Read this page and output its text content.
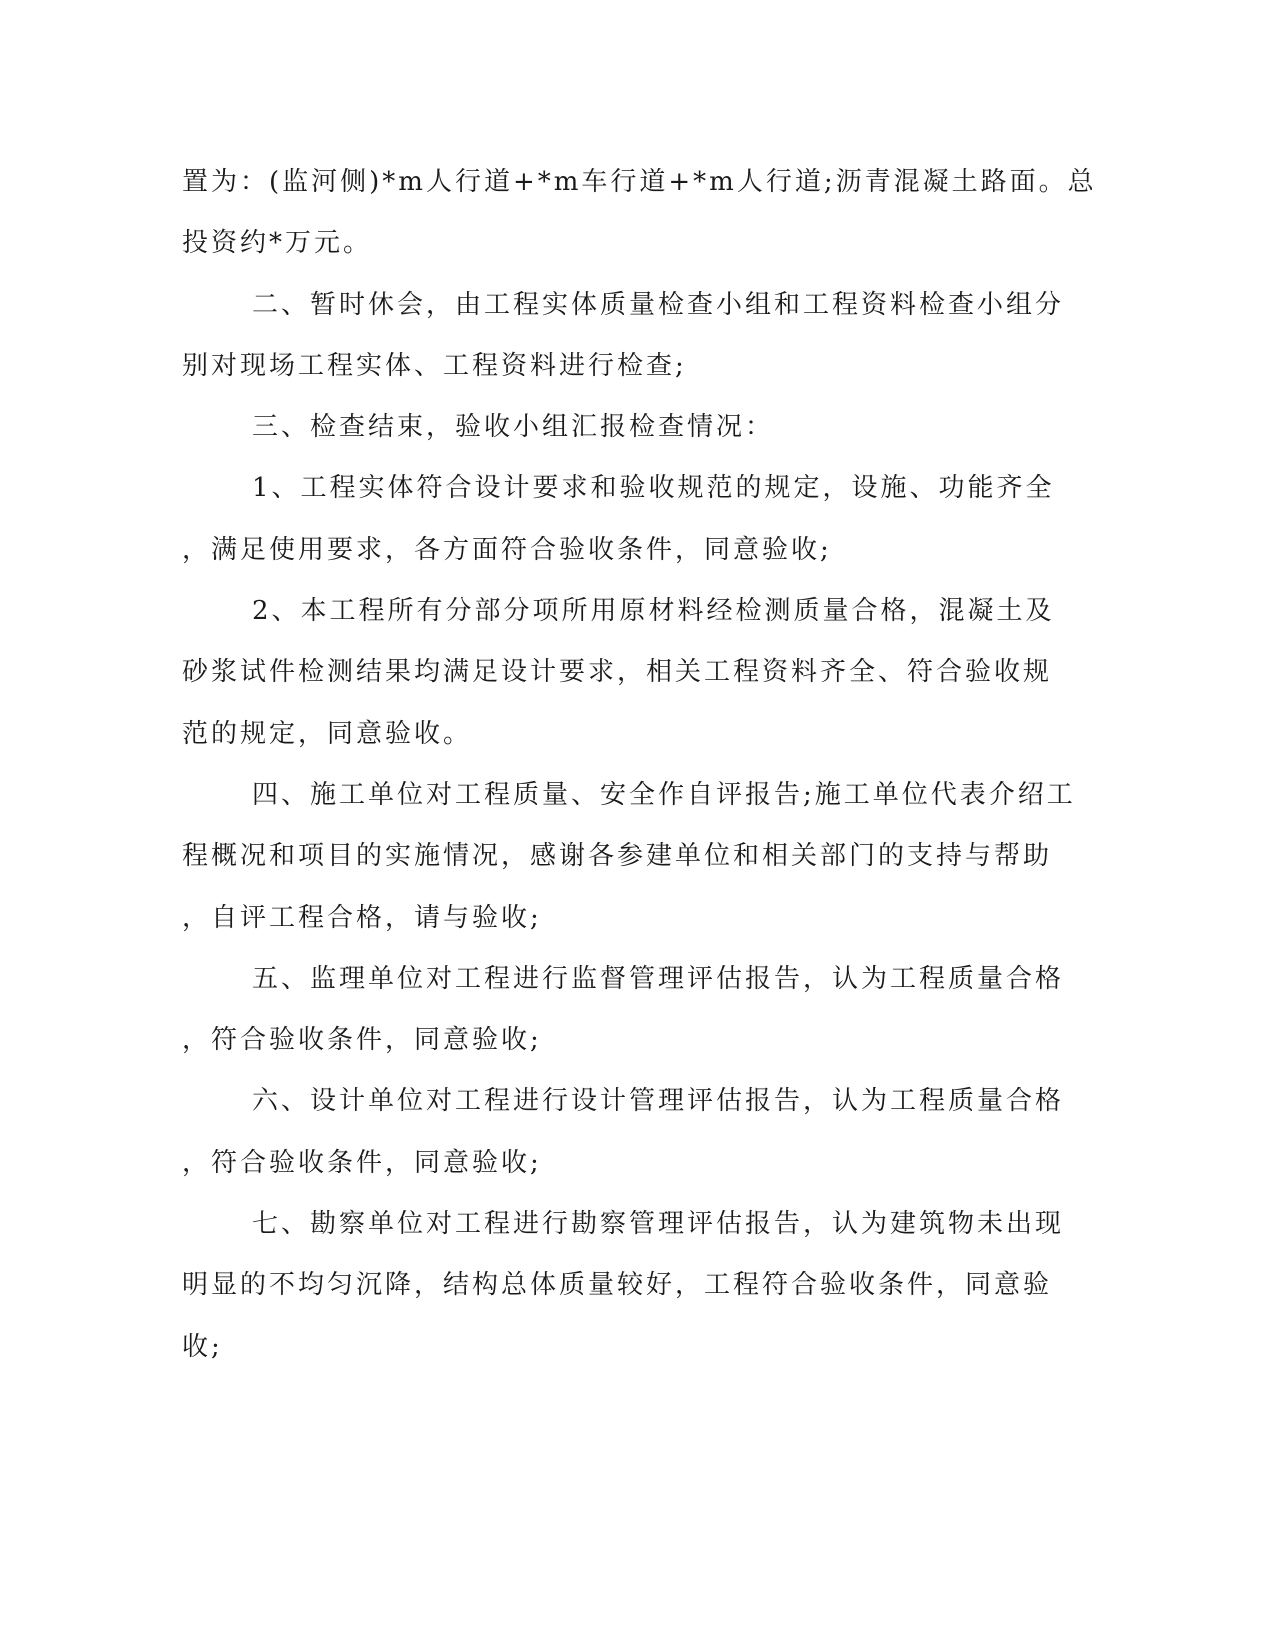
置为：(监河侧)*m人行道+*m车行道+*m人行道;沥青混凝土路面。总
投资约*万元。
二、暂时休会，由工程实体质量检查小组和工程资料检查小组分
别对现场工程实体、工程资料进行检查;
三、检查结束，验收小组汇报检查情况：
1、工程实体符合设计要求和验收规范的规定，设施、功能齐全
，满足使用要求，各方面符合验收条件，同意验收;
2、本工程所有分部分项所用原材料经检测质量合格，混凝土及
砂浆试件检测结果均满足设计要求，相关工程资料齐全、符合验收规
范的规定，同意验收。
四、施工单位对工程质量、安全作自评报告;施工单位代表介绍工
程概况和项目的实施情况，感谢各参建单位和相关部门的支持与帮助
，自评工程合格，请与验收;
五、监理单位对工程进行监督管理评估报告，认为工程质量合格
，符合验收条件，同意验收;
六、设计单位对工程进行设计管理评估报告，认为工程质量合格
，符合验收条件，同意验收;
七、勘察单位对工程进行勘察管理评估报告，认为建筑物未出现
明显的不均匀沉降，结构总体质量较好，工程符合验收条件，同意验
收;
